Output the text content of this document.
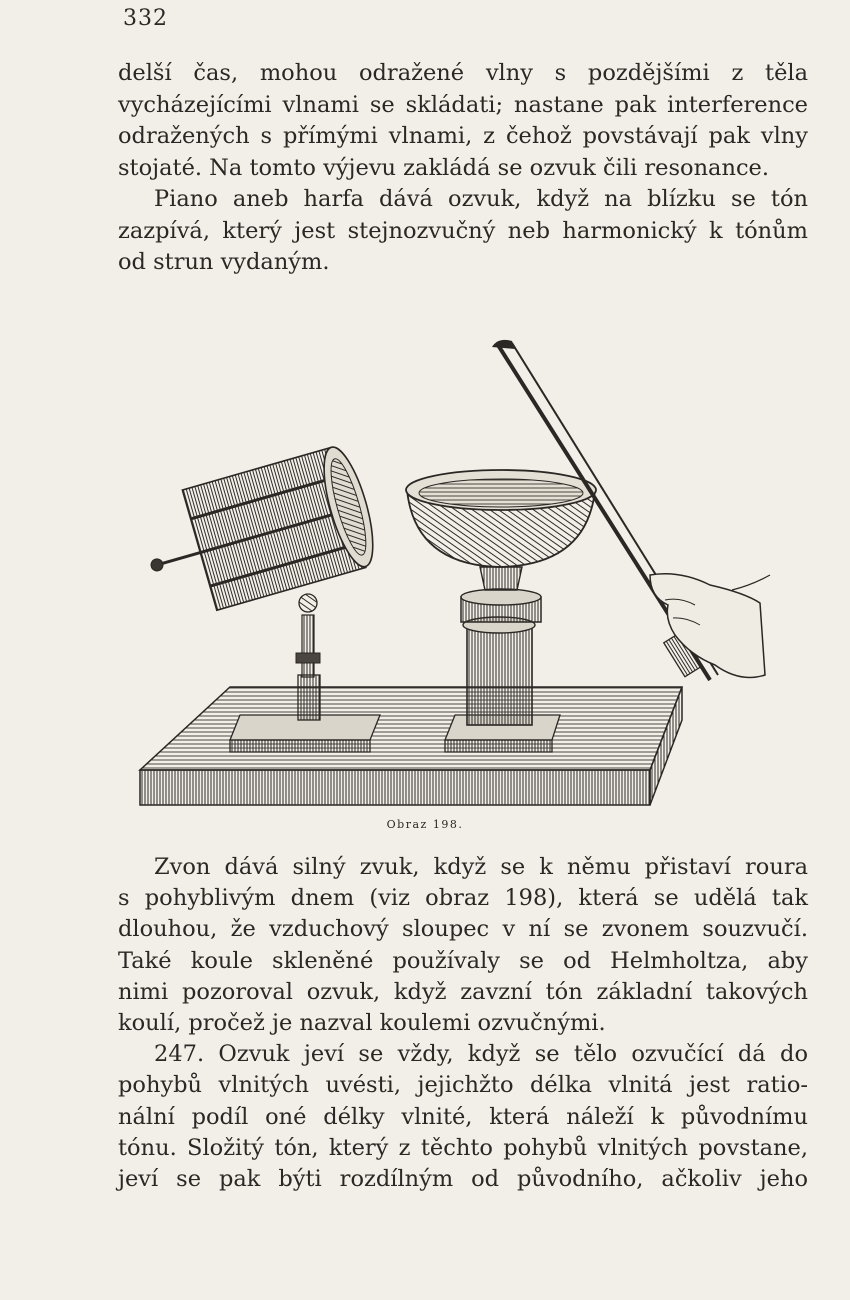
332
delší čas, mohou odražené vlny s pozdějšími z těla
vycházejícími vlnami se skládati; nastane pak interference
odražených s přímými vlnami, z čehož povstávají pak vlny
stojaté. Na tomto výjevu zakládá se ozvuk čili resonance.
Piano aneb harfa dává ozvuk, když na blízku se tón
zazpívá, který jest stejnozvučný neb harmonický k tónům
od strun vydaným.
Obraz 198.
Zvon dává silný zvuk, když se k němu přistaví roura
s pohyblivým dnem (viz obraz 198), která se udělá tak
dlouhou, že vzduchový sloupec v ní se zvonem souzvučí.
Také koule skleněné používaly se od Helmholtza, aby
nimi pozoroval ozvuk, když zavzní tón základní takových
koulí, pročež je nazval koulemi ozvučnými.
247. Ozvuk jeví se vždy, když se tělo ozvučící dá do
pohybů vlnitých uvésti, jejichžto délka vlnitá jest ratio-
nální podíl oné délky vlnité, která náleží k původnímu
tónu. Složitý tón, který z těchto pohybů vlnitých povstane,
jeví se pak býti rozdílným od původního, ačkoliv jeho
